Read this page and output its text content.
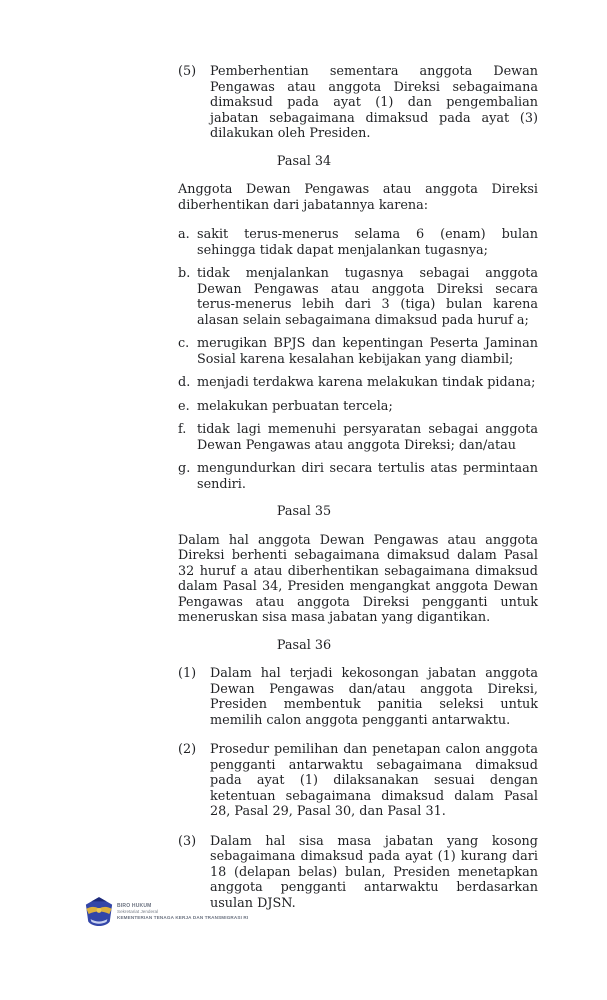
(5)	Pemberhentian sementara anggota Dewan Pengawas atau anggota Direksi sebagaimana dimaksud pada ayat (1) dan pengembalian jabatan sebagaimana dimaksud pada ayat (3) dilakukan oleh Presiden.
Pasal 34
Anggota Dewan Pengawas atau anggota Direksi diberhentikan dari jabatannya karena:
a. sakit terus-menerus selama 6 (enam) bulan sehingga tidak dapat menjalankan tugasnya;
b. tidak menjalankan tugasnya sebagai anggota Dewan Pengawas atau anggota Direksi secara terus-menerus lebih dari 3 (tiga) bulan karena alasan selain sebagaimana dimaksud pada huruf a;
c. merugikan BPJS dan kepentingan Peserta Jaminan Sosial karena kesalahan kebijakan yang diambil;
d. menjadi terdakwa karena melakukan tindak pidana;
e. melakukan perbuatan tercela;
f. tidak lagi memenuhi persyaratan sebagai anggota Dewan Pengawas atau anggota Direksi; dan/atau
g. mengundurkan diri secara tertulis atas permintaan sendiri.
Pasal 35
Dalam hal anggota Dewan Pengawas atau anggota Direksi berhenti sebagaimana dimaksud dalam Pasal 32 huruf a atau diberhentikan sebagaimana dimaksud dalam Pasal 34, Presiden mengangkat anggota Dewan Pengawas atau anggota Direksi pengganti untuk meneruskan sisa masa jabatan yang digantikan.
Pasal 36
(1)	Dalam hal terjadi kekosongan jabatan anggota Dewan Pengawas dan/atau anggota Direksi, Presiden membentuk panitia seleksi untuk memilih calon anggota pengganti antarwaktu.
(2)	Prosedur pemilihan dan penetapan calon anggota pengganti antarwaktu sebagaimana dimaksud pada ayat (1) dilaksanakan sesuai dengan ketentuan sebagaimana dimaksud dalam Pasal 28, Pasal 29, Pasal 30, dan Pasal 31.
(3)	Dalam hal sisa masa jabatan yang kosong sebagaimana dimaksud pada ayat (1) kurang dari 18 (delapan belas) bulan, Presiden menetapkan anggota pengganti antarwaktu berdasarkan usulan DJSN.
BIRO HUKUM
Sekretariat Jenderal
KEMENTERIAN TENAGA KERJA DAN TRANSMIGRASI RI
